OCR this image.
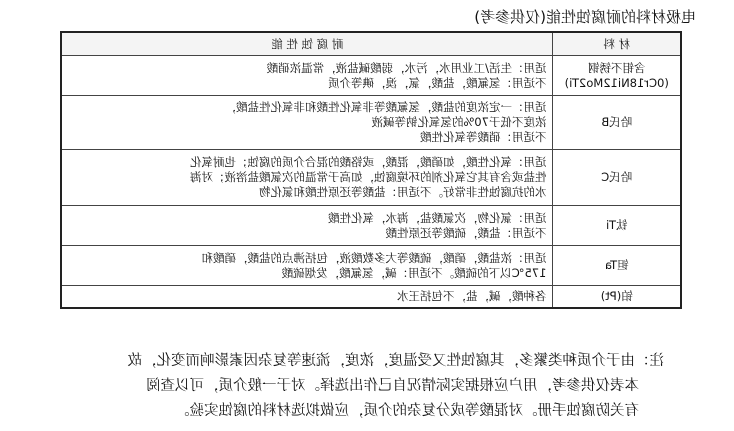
电极材料的耐腐蚀性能(仅供参考)
材 料	耐 腐 蚀 性 能

含钼不锈钢
(0Cr18Ni12Mo2Ti)	适用：生活/工业用水，污水，弱酸碱盐液，常温浓硝酸
不适用：氢氟酸，盐酸，氯，溴，碘等介质

哈氏B	适用：一定浓度的盐酸，氢氟酸等非氧化性酸和非氧化性盐酸，
浓度不低于70%的氢氧化钠等碱液
不适用：硝酸等氧化性酸

哈氏C	适用：氧化性酸，如硝酸，混酸，或铬酸的混合介质的腐蚀；也耐氧化
性盐或含有其它氧化剂的环境腐蚀，如高于常温的次氯酸盐溶液；对海
水的抗腐蚀性非常好。不适用：盐酸等还原性酸和氯化物

钛Ti	适用：氯化物，次氯酸盐，海水，氧化性酸
不适用：盐酸，硫酸等还原性酸

钽Ta	适用：浓盐酸，硝酸，硫酸等大多数酸液，包括沸点的盐酸，硝酸和
175℃以下的硫酸。不适用：碱，氢氟酸，发烟硫酸

铂(Pt)	各种酸，碱，盐，不包括王水
注：由于介质种类繁多，其腐蚀性又受温度，浓度，流速等复杂因素影响而变化，故
本表仅供参考，用户应根据实际情况自己作出选择。对于一般介质，可以查阅
有关防腐蚀手册。对混酸等成分复杂的介质，应做拟选材料的腐蚀实验。
